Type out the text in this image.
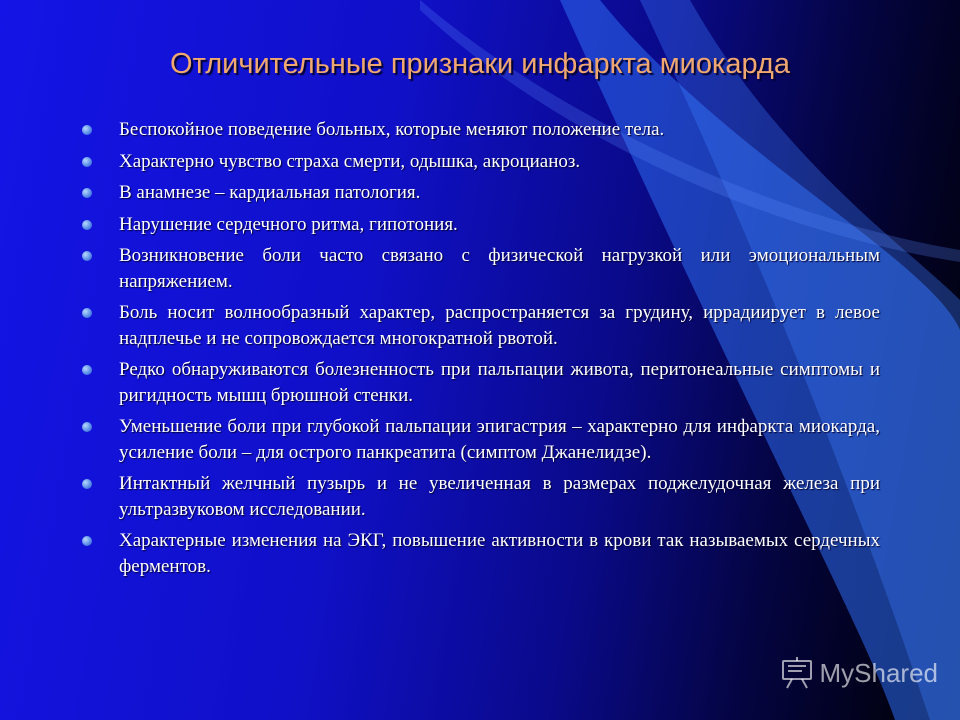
Отличительные признаки инфаркта миокарда
Беспокойное поведение больных, которые меняют положение тела.
Характерно чувство страха смерти, одышка, акроцианоз.
В анамнезе – кардиальная патология.
Нарушение сердечного ритма, гипотония.
Возникновение боли часто связано с физической нагрузкой или эмоциональным напряжением.
Боль носит волнообразный характер, распространяется за грудину, иррадиирует в левое надплечье и не сопровождается многократной рвотой.
Редко обнаруживаются болезненность при пальпации живота, перитонеальные симптомы и ригидность мышц брюшной стенки.
Уменьшение боли при глубокой пальпации эпигастрия – характерно для инфаркта миокарда, усиление боли – для острого панкреатита (симптом Джанелидзе).
Интактный желчный пузырь и не увеличенная в размерах поджелудочная железа при ультразвуковом исследовании.
Характерные изменения на ЭКГ, повышение активности в крови так называемых сердечных ферментов.
MyShared
